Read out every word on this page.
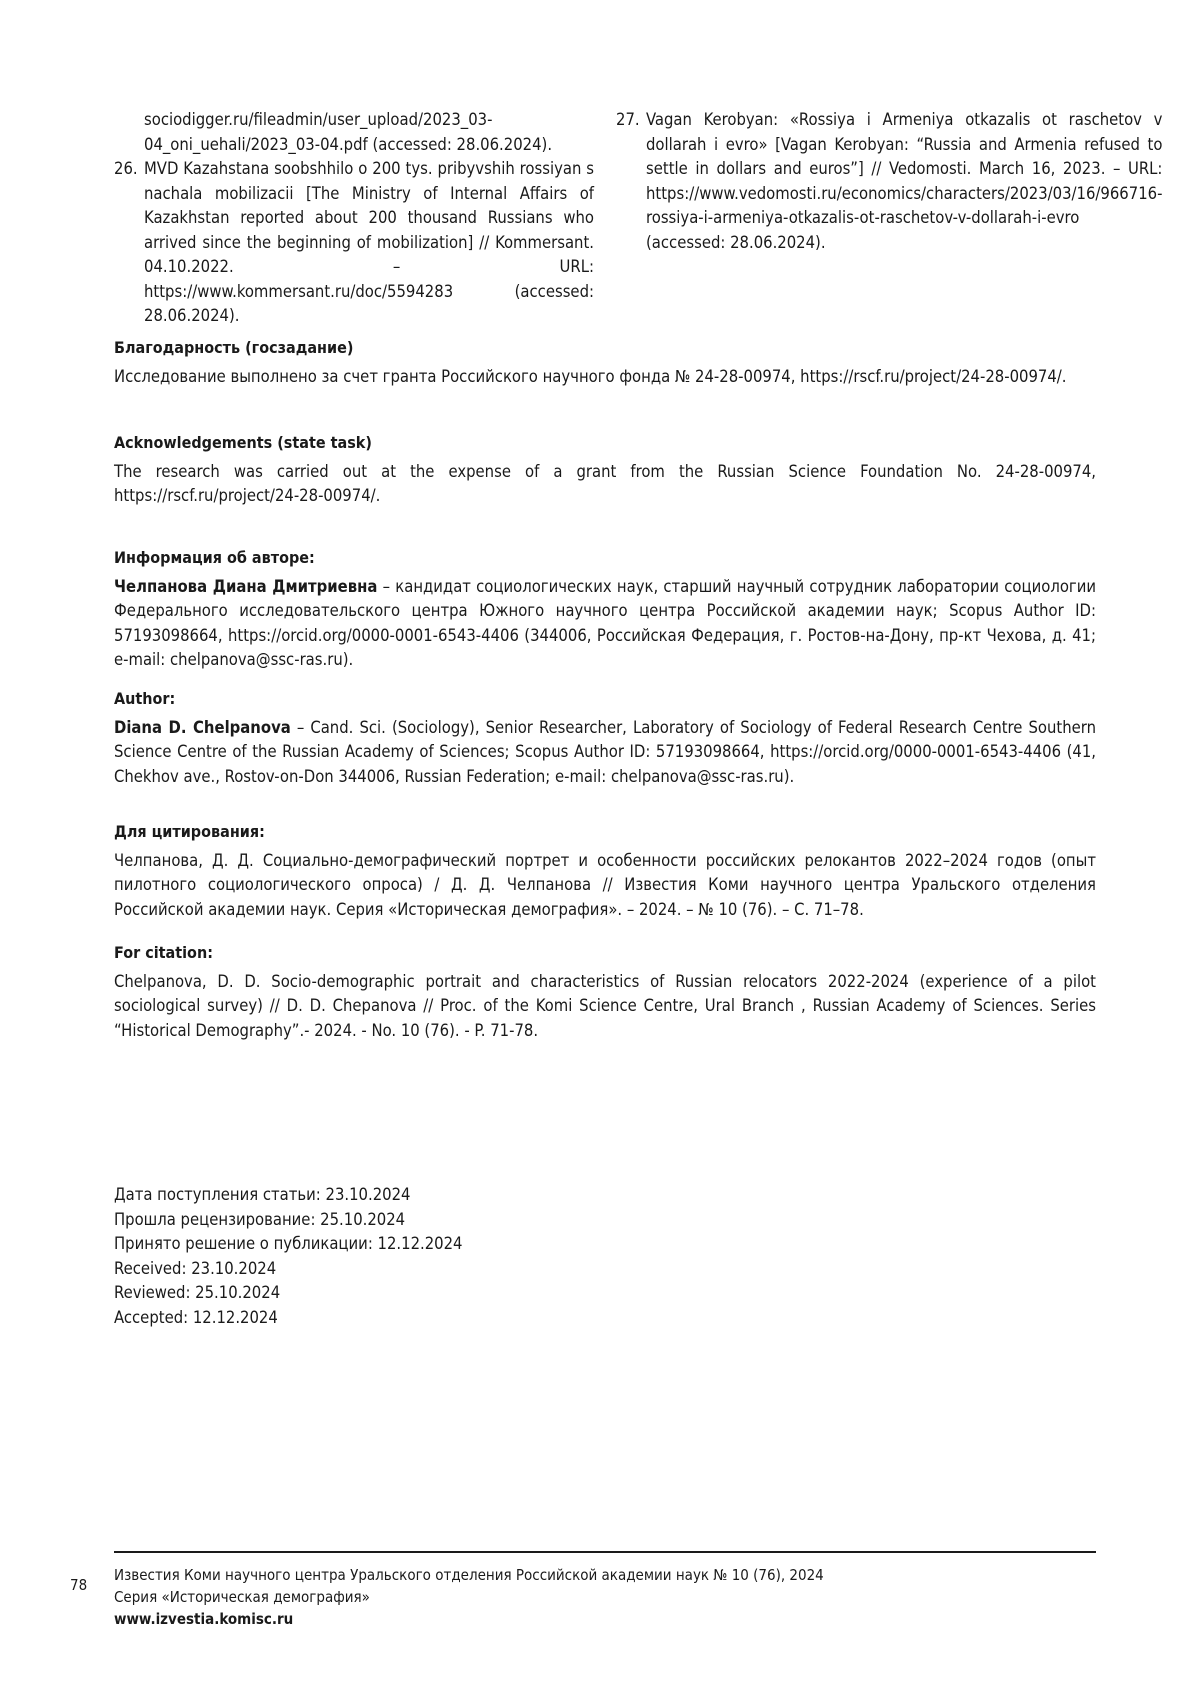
sociodigger.ru/fileadmin/user_upload/2023_03-04_oni_uehali/2023_03-04.pdf (accessed: 28.06.2024).
26. MVD Kazahstana soobshhilo o 200 tys. pribyvshih rossiyan s nachala mobilizacii [The Ministry of Internal Affairs of Kazakhstan reported about 200 thousand Russians who arrived since the beginning of mobilization] // Kommersant. 04.10.2022. – URL: https://www.kommersant.ru/doc/5594283 (accessed: 28.06.2024).
27. Vagan Kerobyan: «Rossiya i Armeniya otkazalis ot raschetov v dollarah i evro» [Vagan Kerobyan: “Russia and Armenia refused to settle in dollars and euros”] // Vedomosti. March 16, 2023. – URL: https://www.vedomosti.ru/economics/characters/2023/03/16/966716-rossiya-i-armeniya-otkazalis-ot-raschetov-v-dollarah-i-evro (accessed: 28.06.2024).
Благодарность (госзадание)

Исследование выполнено за счет гранта Российского научного фонда № 24-28-00974, https://rscf.ru/project/24-28-00974/.

Acknowledgements (state task)

The research was carried out at the expense of a grant from the Russian Science Foundation No. 24-28-00974, https://rscf.ru/project/24-28-00974/.

Информация об авторе:

Челпанова Диана Дмитриевна – кандидат социологических наук, старший научный сотрудник лаборатории социологии Федерального исследовательского центра Южного научного центра Российской академии наук; Scopus Author ID: 57193098664, https://orcid.org/0000-0001-6543-4406 (344006, Российская Федерация, г. Ростов-на-Дону, пр-кт Чехова, д. 41; e-mail: chelpanova@ssc-ras.ru).

Author:

Diana D. Chelpanova – Cand. Sci. (Sociology), Senior Researcher, Laboratory of Sociology of Federal Research Centre Southern Science Centre of the Russian Academy of Sciences; Scopus Author ID: 57193098664, https://orcid.org/0000-0001-6543-4406 (41, Chekhov ave., Rostov-on-Don 344006, Russian Federation; e-mail: chelpanova@ssc-ras.ru).

Для цитирования:

Челпанова, Д. Д. Социально-демографический портрет и особенности российских релокантов 2022–2024 годов (опыт пилотного социологического опроса) / Д. Д. Челпанова // Известия Коми научного центра Уральского отделения Российской академии наук. Серия «Историческая демография». – 2024. – № 10 (76). – С. 71–78.

For citation:

Chelpanova, D. D. Socio-demographic portrait and characteristics of Russian relocators 2022-2024 (experience of a pilot sociological survey) // D. D. Chepanova // Proc. of the Komi Science Centre, Ural Branch , Russian Academy of Sciences. Series “Historical Demography”.- 2024. - No. 10 (76). - P. 71-78.

Дата поступления статьи: 23.10.2024
Прошла рецензирование: 25.10.2024
Принято решение о публикации: 12.12.2024
Received: 23.10.2024
Reviewed: 25.10.2024
Accepted: 12.12.2024
78
Известия Коми научного центра Уральского отделения Российской академии наук № 10 (76), 2024
Серия «Историческая демография»
www.izvestia.komisc.ru
